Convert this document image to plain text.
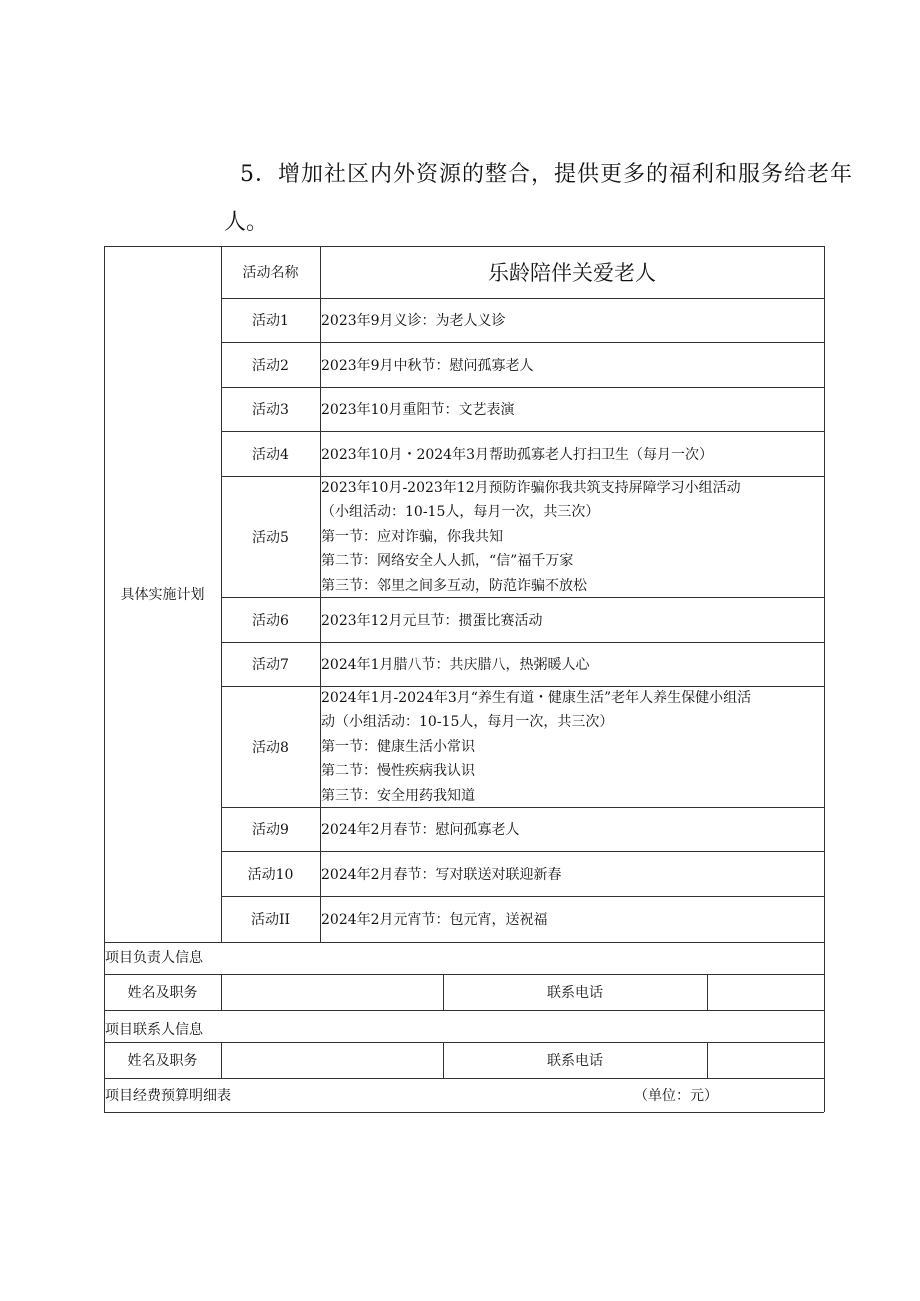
5．增加社区内外资源的整合，提供更多的福利和服务给老年
人。
具体实施计划
活动名称	乐龄陪伴关爱老人
活动1	2023年9月义诊：为老人义诊
活动2	2023年9月中秋节：慰问孤寡老人
活动3	2023年10月重阳节：文艺表演
活动4	2023年10月・2024年3月帮助孤寡老人打扫卫生（每月一次）
活动5
2023年10月-2023年12月预防诈骗你我共筑支持屏障学习小组活动
（小组活动：10-15人，每月一次，共三次）
第一节：应对诈骗，你我共知
第二节：网络安全人人抓，“信”福千万家
第三节：邻里之间多互动，防范诈骗不放松
活动6	2023年12月元旦节：掼蛋比赛活动
活动7	2024年1月腊八节：共庆腊八，热粥暖人心
活动8
2024年1月-2024年3月“养生有道・健康生活”老年人养生保健小组活
动（小组活动：10-15人，每月一次，共三次）
第一节：健康生活小常识
第二节：慢性疾病我认识
第三节：安全用药我知道
活动9	2024年2月春节：慰问孤寡老人
活动10	2024年2月春节：写对联送对联迎新春
活动II	2024年2月元宵节：包元宵，送祝福
项目负责人信息
姓名及职务	联系电话
项目联系人信息
姓名及职务	联系电话
项目经费预算明细表	（单位：元）
